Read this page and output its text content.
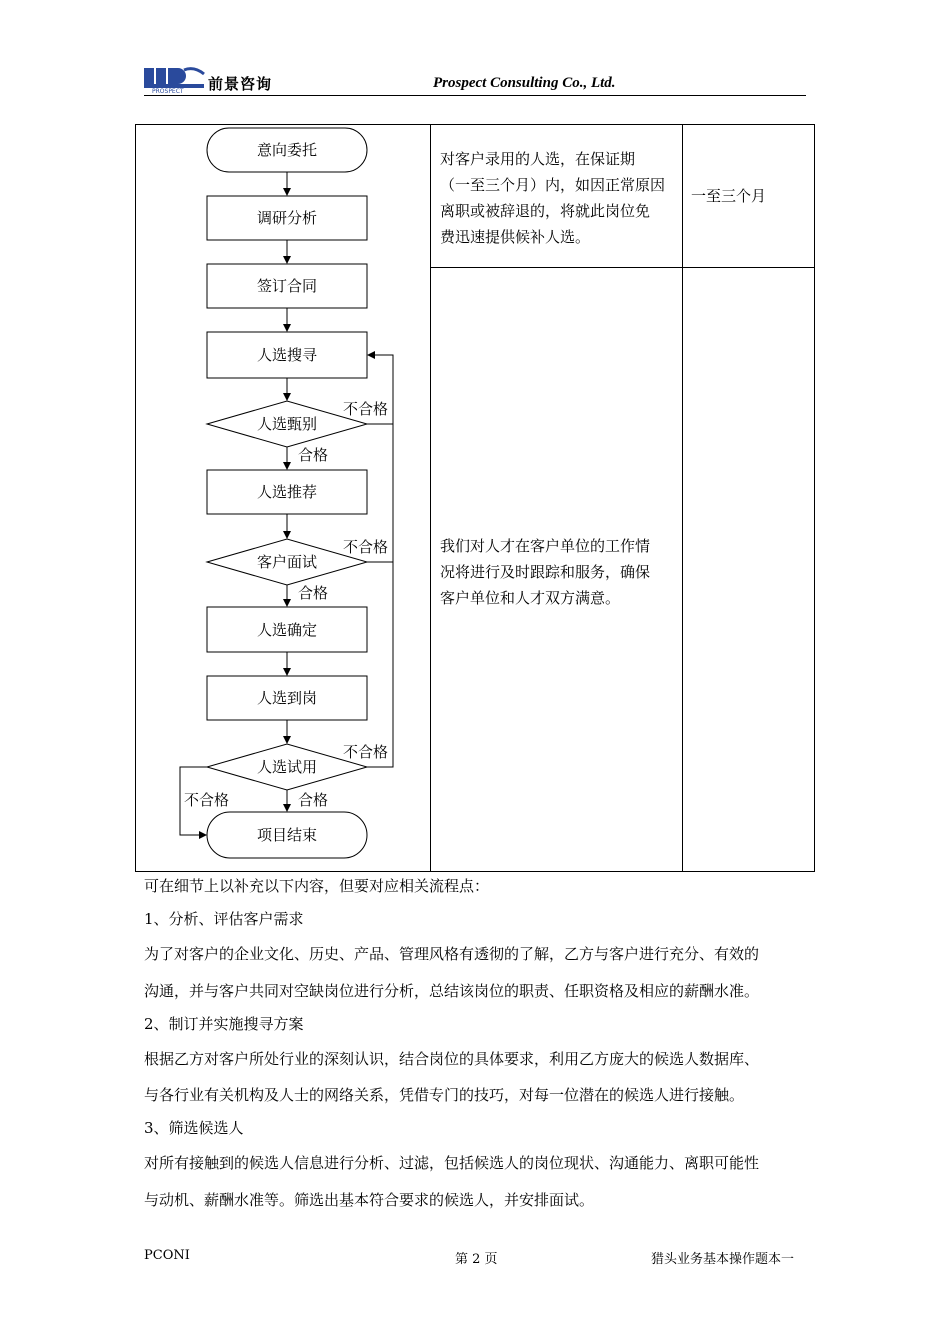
PROSPECT 前景咨询	Prospect Consulting Co., Ltd.
对客户录用的人选，在保证期
（一至三个月）内，如因正常原因
离职或被辞退的，将就此岗位免
费迅速提供候补人选。
一至三个月
我们对人才在客户单位的工作情
况将进行及时跟踪和服务，确保
客户单位和人才双方满意。
意向委托
调研分析
签订合同
人选搜寻
人选甄别
人选推荐
客户面试
人选确定
人选到岗
人选试用
项目结束
不合格
合格
不合格
合格
不合格
不合格	合格
可在细节上以补充以下内容，但要对应相关流程点：
1、分析、评估客户需求
为了对客户的企业文化、历史、产品、管理风格有透彻的了解，乙方与客户进行充分、有效的
沟通，并与客户共同对空缺岗位进行分析，总结该岗位的职责、任职资格及相应的薪酬水准。
2、制订并实施搜寻方案
根据乙方对客户所处行业的深刻认识，结合岗位的具体要求，利用乙方庞大的候选人数据库、
与各行业有关机构及人士的网络关系，凭借专门的技巧，对每一位潜在的候选人进行接触。
3、筛选候选人
对所有接触到的候选人信息进行分析、过滤，包括候选人的岗位现状、沟通能力、离职可能性
与动机、薪酬水准等。筛选出基本符合要求的候选人，并安排面试。
PCONI	第 2 页	猎头业务基本操作题本一
